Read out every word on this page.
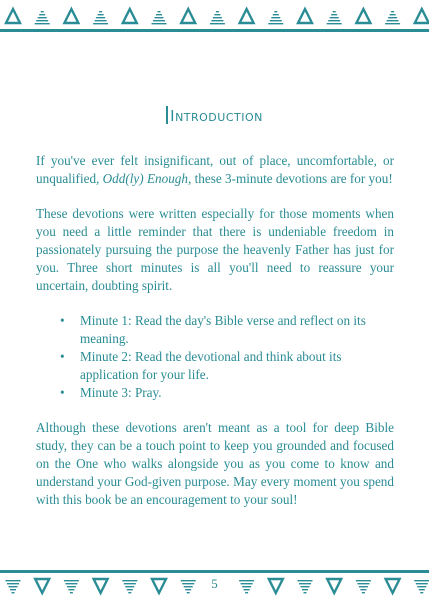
Introduction

If you've ever felt insignificant, out of place, uncomfortable, or unqualified, Odd(ly) Enough, these 3-minute devotions are for you!

These devotions were written especially for those moments when you need a little reminder that there is undeniable freedom in passionately pursuing the purpose the heavenly Father has just for you. Three short minutes is all you'll need to reassure your uncertain, doubting spirit.

• Minute 1: Read the day's Bible verse and reflect on its meaning.
• Minute 2: Read the devotional and think about its application for your life.
• Minute 3: Pray.

Although these devotions aren't meant as a tool for deep Bible study, they can be a touch point to keep you grounded and focused on the One who walks alongside you as you come to know and understand your God-given purpose. May every moment you spend with this book be an encouragement to your soul!

5
